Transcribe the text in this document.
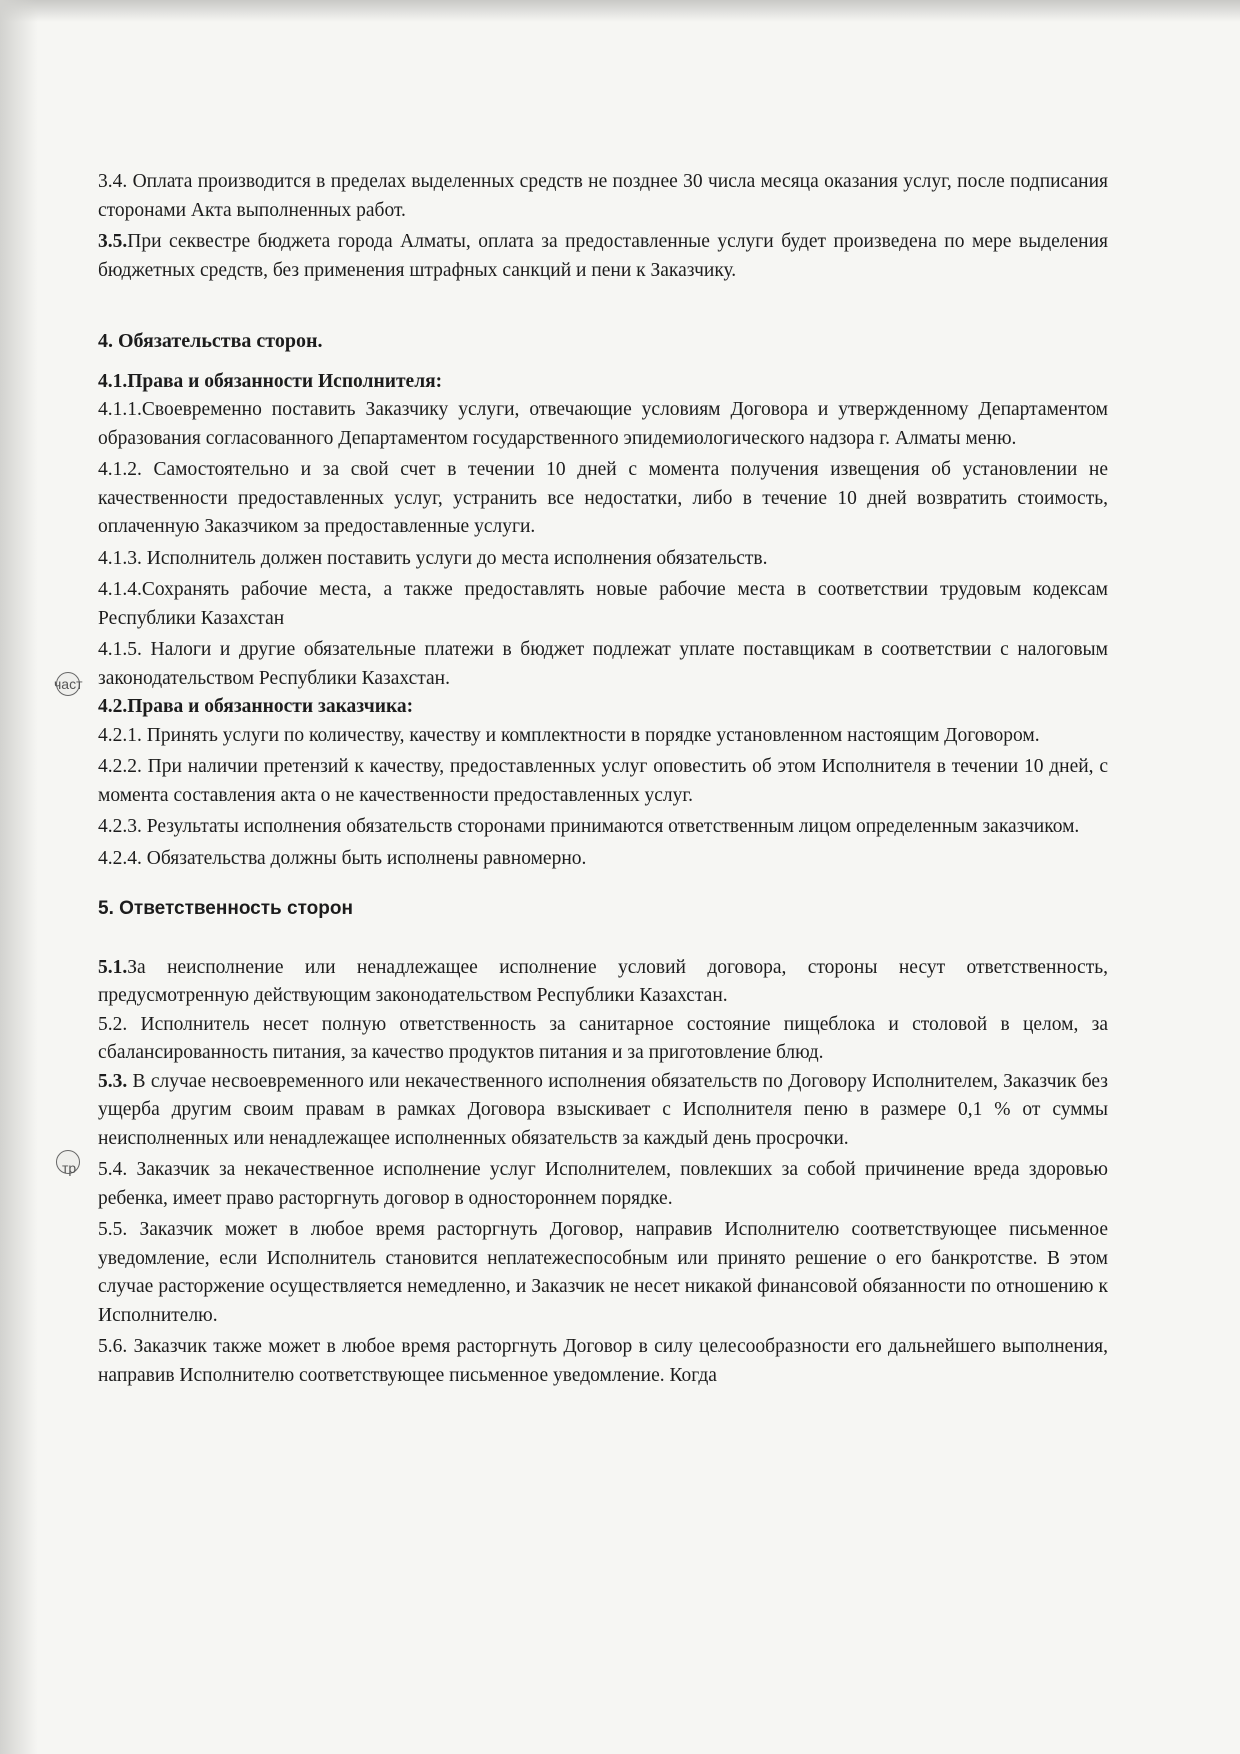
част
тр

3.4. Оплата производится в пределах выделенных средств не позднее 30 числа месяца оказания услуг, после подписания сторонами Акта выполненных работ.

3.5.При секвестре бюджета города Алматы, оплата за предоставленные услуги будет произведена по мере выделения бюджетных средств, без применения штрафных санкций и пени к Заказчику.

4. Обязательства сторон.

4.1.Права и обязанности Исполнителя:

4.1.1.Своевременно поставить Заказчику услуги, отвечающие условиям Договора и утвержденному Департаментом образования согласованного Департаментом государственного эпидемиологического надзора г. Алматы меню.

4.1.2. Самостоятельно и за свой счет в течении 10 дней с момента получения извещения об установлении не качественности предоставленных услуг, устранить все недостатки, либо в течение 10 дней возвратить стоимость, оплаченную Заказчиком за предоставленные услуги.

4.1.3. Исполнитель должен поставить услуги до места исполнения обязательств.

4.1.4.Сохранять рабочие места, а также предоставлять новые рабочие места в соответствии трудовым кодексам Республики Казахстан

4.1.5. Налоги и другие обязательные платежи в бюджет подлежат уплате поставщикам в соответствии с налоговым законодательством Республики Казахстан.

4.2.Права и обязанности заказчика:

4.2.1. Принять услуги по количеству, качеству и комплектности в порядке установленном настоящим Договором.

4.2.2. При наличии претензий к качеству, предоставленных услуг оповестить об этом Исполнителя в течении 10 дней, с момента составления акта о не качественности предоставленных услуг.

4.2.3. Результаты исполнения обязательств сторонами принимаются ответственным лицом определенным заказчиком.

4.2.4. Обязательства должны быть исполнены равномерно.

5. Ответственность сторон

5.1.За неисполнение или ненадлежащее исполнение условий договора, стороны несут ответственность, предусмотренную действующим законодательством Республики Казахстан.

5.2. Исполнитель несет полную ответственность за санитарное состояние пищеблока и столовой в целом, за сбалансированность питания, за качество продуктов питания и за приготовление блюд.

5.3. В случае несвоевременного или некачественного исполнения обязательств по Договору Исполнителем, Заказчик без ущерба другим своим правам в рамках Договора взыскивает с Исполнителя пеню в размере 0,1 % от суммы неисполненных или ненадлежащее исполненных обязательств за каждый день просрочки.

5.4. Заказчик за некачественное исполнение услуг Исполнителем, повлекших за собой причинение вреда здоровью ребенка, имеет право расторгнуть договор в одностороннем порядке.

5.5. Заказчик может в любое время расторгнуть Договор, направив Исполнителю соответствующее письменное уведомление, если Исполнитель становится неплатежеспособным или принято решение о его банкротстве. В этом случае расторжение осуществляется немедленно, и Заказчик не несет никакой финансовой обязанности по отношению к Исполнителю.

5.6. Заказчик также может в любое время расторгнуть Договор в силу целесообразности его дальнейшего выполнения, направив Исполнителю соответствующее письменное уведомление. Когда
